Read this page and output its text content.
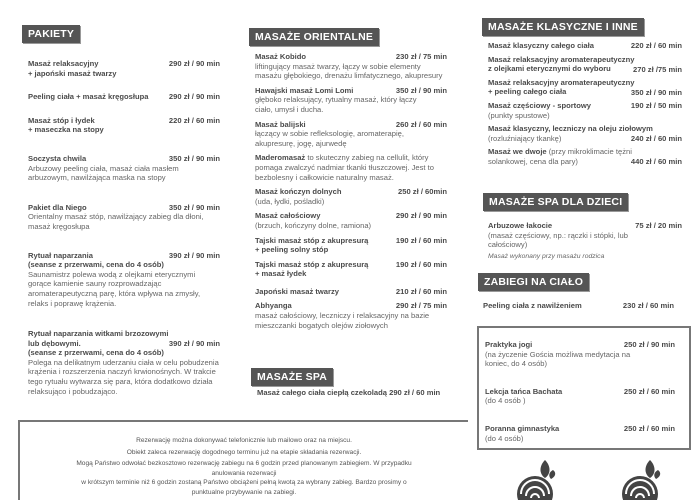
PAKIETY
Masaż relaksacyjny
+ japoński masaż twarzy
290 zł / 90 min
Peeling ciała + masaż kręgosłupa	290 zł / 90 min
Masaż stóp i łydek
+ maseczka na stopy
220 zł / 60 min
Soczysta chwila
Arbuzowy peeling ciała, masaż ciała masłem arbuzowym, nawilżająca maska na stopy
350 zł / 90 min
Pakiet dla Niego
Orientalny masaż stóp, nawilżający zabieg dla dłoni, masaż kręgosłupa
350 zł / 90 min
Rytuał naparzania
(seanse z przerwami, cena do 4 osób)
Saunamistrz polewa wodą z olejkami eterycznymi gorące kamienie sauny rozprowadzając aromaterapeutyczną parę, która wpływa na zmysły, relaks i poprawę krążenia.
390 zł / 90 min
Rytuał naparzania witkami brzozowymi
lub dębowymi.
(seanse z przerwami, cena do 4 osób)
Polega na delikatnym uderzaniu ciała w celu pobudzenia krążenia i rozszerzenia naczyń krwionośnych. W trakcie tego rytuału wytwarza się para, która dodatkowo działa relaksująco i pobudzająco.
390 zł / 90 min
MASAŻE ORIENTALNE
Masaż Kobido
liftingujący masaż twarzy, łączy w sobie elementy masażu głębokiego, drenażu limfatycznego, akupresury
230 zł / 75 min
Hawajski masaż Lomi Lomi
głęboko relaksujący, rytualny masaż, który łączy ciało, umysł i ducha.
350 zł / 90 min
Masaż balijski
łączący w sobie refleksologię, aromaterapię, akupresurę, jogę, ajurwedę
260 zł / 60 min
Maderomasaż to skuteczny zabieg na cellulit, który pomaga zwalczyć nadmiar tkanki tłuszczowej. Jest to bezbolesny i całkowicie naturalny masaż.
Masaż kończyn dolnych
(uda, łydki, pośladki)
250 zł / 60min
Masaż całościowy
(brzuch, kończyny dolne, ramiona)
290 zł / 90 min
Tajski masaż stóp z akupresurą
+ peeling solny stóp
190 zł / 60 min
Tajski masaż stóp z akupresurą
+ masaż łydek
190 zł / 60 min
Japoński masaż twarzy	210 zł / 60 min
Abhyanga
masaż całościowy, leczniczy i relaksacyjny na bazie mieszczanki bogatych olejów ziołowych
290 zł / 75 min
MASAŻE SPA
Masaż całego ciała ciepłą czekoladą 290 zł / 60 min
MASAŻE KLASYCZNE I INNE
Masaż klasyczny całego ciała	220 zł / 60 min
Masaż relaksacyjny aromaterapeutyczny
z olejkami eterycznymi do wyboru	270 zł /75 min
Masaż relaksacyjny aromaterapeutyczny
+ peeling całego ciała	350 zł / 90 min
Masaż częściowy - sportowy
(punkty spustowe)
190 zł / 50 min
Masaż klasyczny, leczniczy na oleju ziołowym
(rozluźniający tkankę)	240 zł / 60 min
Masaż we dwoje (przy mikroklimacie tężni solankowej, cena dla pary)	440 zł / 60 min
MASAŻE SPA DLA DZIECI
Arbuzowe łakocie
(masaż częściowy, np.: rączki i stópki, lub całościowy)
Masaż wykonany przy masażu rodzica
75 zł / 20 min
ZABIEGI NA CIAŁO
Peeling ciała z nawilżeniem	230 zł / 60 min
Praktyka jogi
(na życzenie Gościa możliwa medytacja na koniec, do 4 osób)
250 zł / 90 min
Lekcja tańca Bachata
(do 4 osób )
250 zł / 60 min
Poranna gimnastyka
(do 4 osób)
250 zł / 60 min
Rezerwację można dokonywać telefonicznie lub mailowo oraz na miejscu.
Obiekt zaleca rezerwację dogodnego terminu już na etapie składania rezerwacji.
Mogą Państwo odwołać bezkosztowo rezerwację zabiegu na 6 godzin przed planowanym zabiegiem. W przypadku anulowania rezerwacji
w krótszym terminie niż 6 godzin zostaną Państwo obciążeni pełną kwotą za wybrany zabieg. Bardzo prosimy o punktualne przybywanie na zabiegi.
